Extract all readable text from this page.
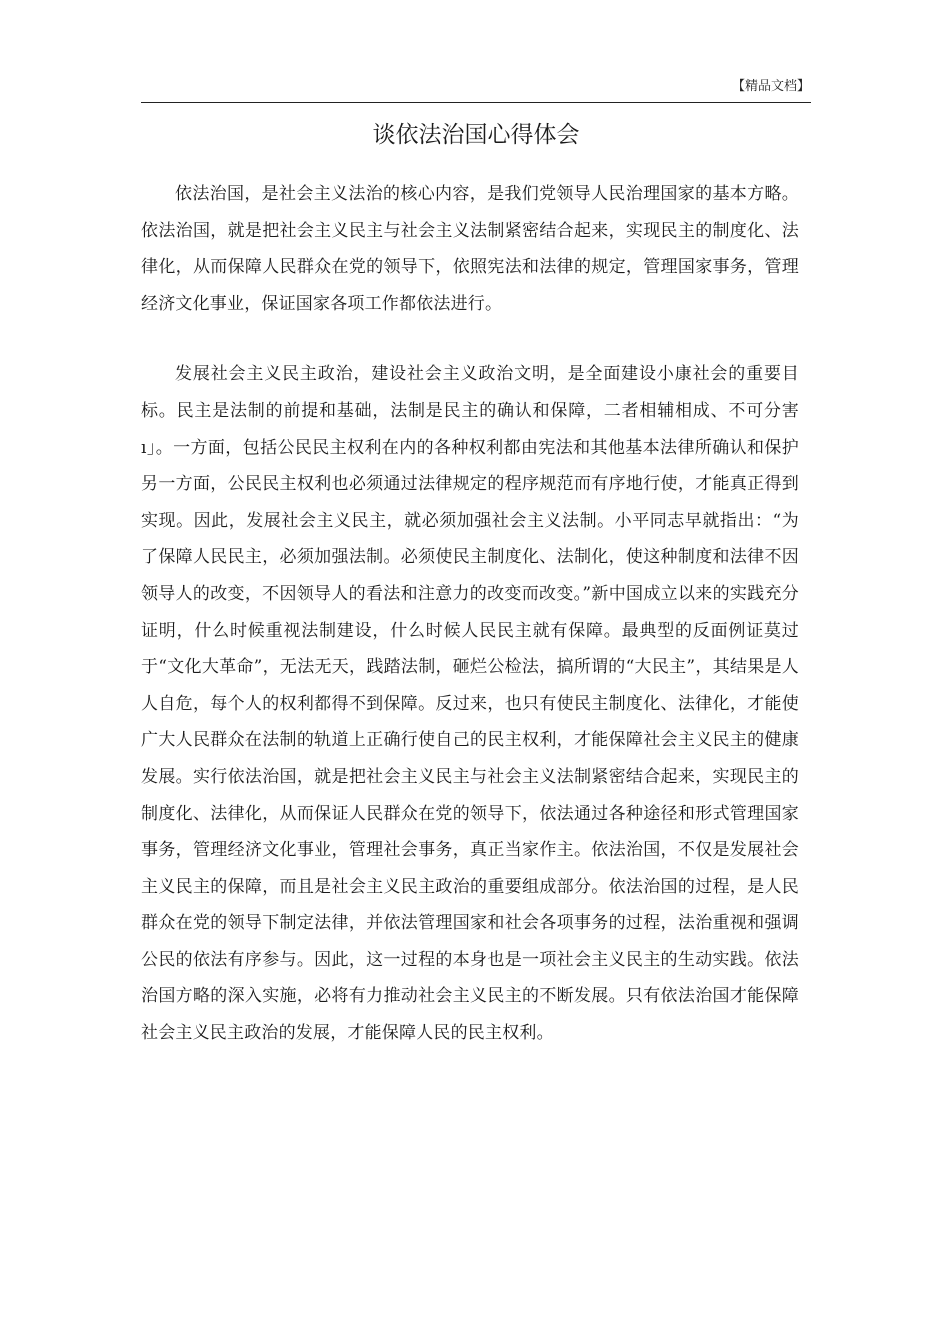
【精品文档】
谈依法治国心得体会

依法治国，是社会主义法治的核心内容，是我们党领导人民治理国家的基本方略。依法治国，就是把社会主义民主与社会主义法制紧密结合起来，实现民主的制度化、法律化，从而保障人民群众在党的领导下，依照宪法和法律的规定，管理国家事务，管理经济文化事业，保证国家各项工作都依法进行。

发展社会主义民主政治，建设社会主义政治文明，是全面建设小康社会的重要目标。民主是法制的前提和基础，法制是民主的确认和保障，二者相辅相成、不可分害ı」。一方面，包括公民民主权利在内的各种权利都由宪法和其他基本法律所确认和保护另一方面，公民民主权利也必须通过法律规定的程序规范而有序地行使，才能真正得到实现。因此，发展社会主义民主，就必须加强社会主义法制。小平同志早就指出：“为了保障人民民主，必须加强法制。必须使民主制度化、法制化，使这种制度和法律不因领导人的改变，不因领导人的看法和注意力的改变而改变。”新中国成立以来的实践充分证明，什么时候重视法制建设，什么时候人民民主就有保障。最典型的反面例证莫过于“文化大革命”，无法无天，践踏法制，砸烂公检法，搞所谓的“大民主”，其结果是人人自危，每个人的权利都得不到保障。反过来，也只有使民主制度化、法律化，才能使广大人民群众在法制的轨道上正确行使自己的民主权利，才能保障社会主义民主的健康发展。实行依法治国，就是把社会主义民主与社会主义法制紧密结合起来，实现民主的制度化、法律化，从而保证人民群众在党的领导下，依法通过各种途径和形式管理国家事务，管理经济文化事业，管理社会事务，真正当家作主。依法治国，不仅是发展社会主义民主的保障，而且是社会主义民主政治的重要组成部分。依法治国的过程，是人民群众在党的领导下制定法律，并依法管理国家和社会各项事务的过程，法治重视和强调公民的依法有序参与。因此，这一过程的本身也是一项社会主义民主的生动实践。依法治国方略的深入实施，必将有力推动社会主义民主的不断发展。只有依法治国才能保障社会主义民主政治的发展，才能保障人民的民主权利。
